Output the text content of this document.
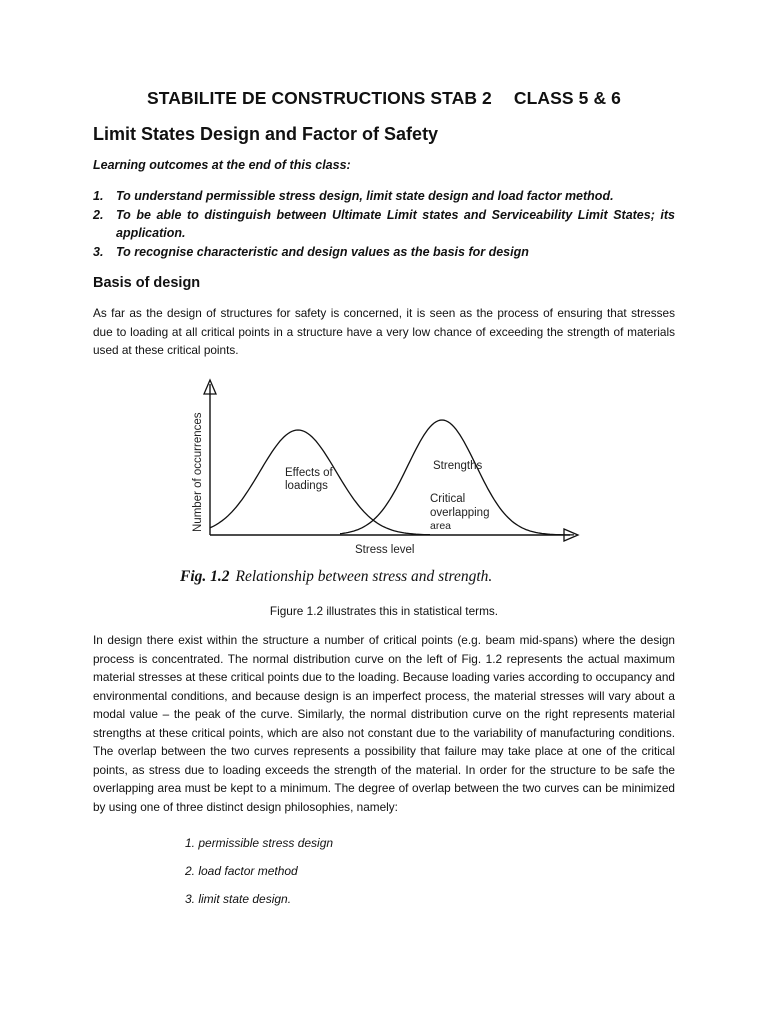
STABILITE DE CONSTRUCTIONS STAB 2 CLASS 5 & 6
Limit States Design and Factor of Safety
Learning outcomes at the end of this class:
1. To understand permissible stress design, limit state design and load factor method.
2. To be able to distinguish between Ultimate Limit states and Serviceability Limit States; its application.
3. To recognise characteristic and design values as the basis for design
Basis of design
As far as the design of structures for safety is concerned, it is seen as the process of ensuring that stresses due to loading at all critical points in a structure have a very low chance of exceeding the strength of materials used at these critical points.
Effects of
loadings
Strengths
Critical
overlapping
area
Stress level
Number of occurrences
Fig. 1.2 Relationship between stress and strength.
Figure 1.2 illustrates this in statistical terms.
In design there exist within the structure a number of critical points (e.g. beam mid-spans) where the design process is concentrated. The normal distribution curve on the left of Fig. 1.2 represents the actual maximum material stresses at these critical points due to the loading. Because loading varies according to occupancy and environmental conditions, and because design is an imperfect process, the material stresses will vary about a modal value – the peak of the curve. Similarly, the normal distribution curve on the right represents material strengths at these critical points, which are also not constant due to the variability of manufacturing conditions. The overlap between the two curves represents a possibility that failure may take place at one of the critical points, as stress due to loading exceeds the strength of the material. In order for the structure to be safe the overlapping area must be kept to a minimum. The degree of overlap between the two curves can be minimized by using one of three distinct design philosophies, namely:
1. permissible stress design
2. load factor method
3. limit state design.
